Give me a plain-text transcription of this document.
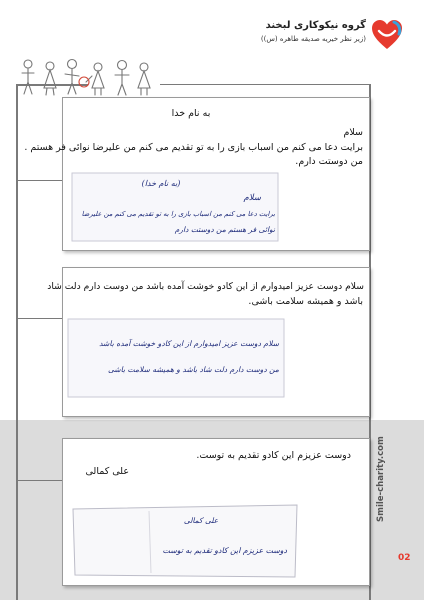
گروه نیکوکاری لبخند
(زیر نظر خیریه صدیقه طاهره (س))
به نام خدا
سلام
برایت دعا می کنم من اسباب بازی را به تو تقدیم می کنم من علیرضا نوائی فر هستم .
من دوستت دارم.
(به نام خدا)
سلام
برایت دعا می کنم من اسباب بازی را به تو تقدیم می کنم من علیرضا
نوائی فر هستم من دوستت دارم
سلام دوست عزیز امیدوارم از این کادو خوشت آمده باشد من دوست دارم دلت شاد
باشد و همیشه سلامت باشی.
سلام دوست عزیز امیدوارم از این کادو خوشت آمده باشد
من دوست دارم دلت شاد باشد و همیشه سلامت باشی
دوست عزیزم این کادو تقدیم به توست.
علی کمالی
علی کمالی
دوست عزیزم این کادو تقدیم به توست
Smile-charity.com
02
